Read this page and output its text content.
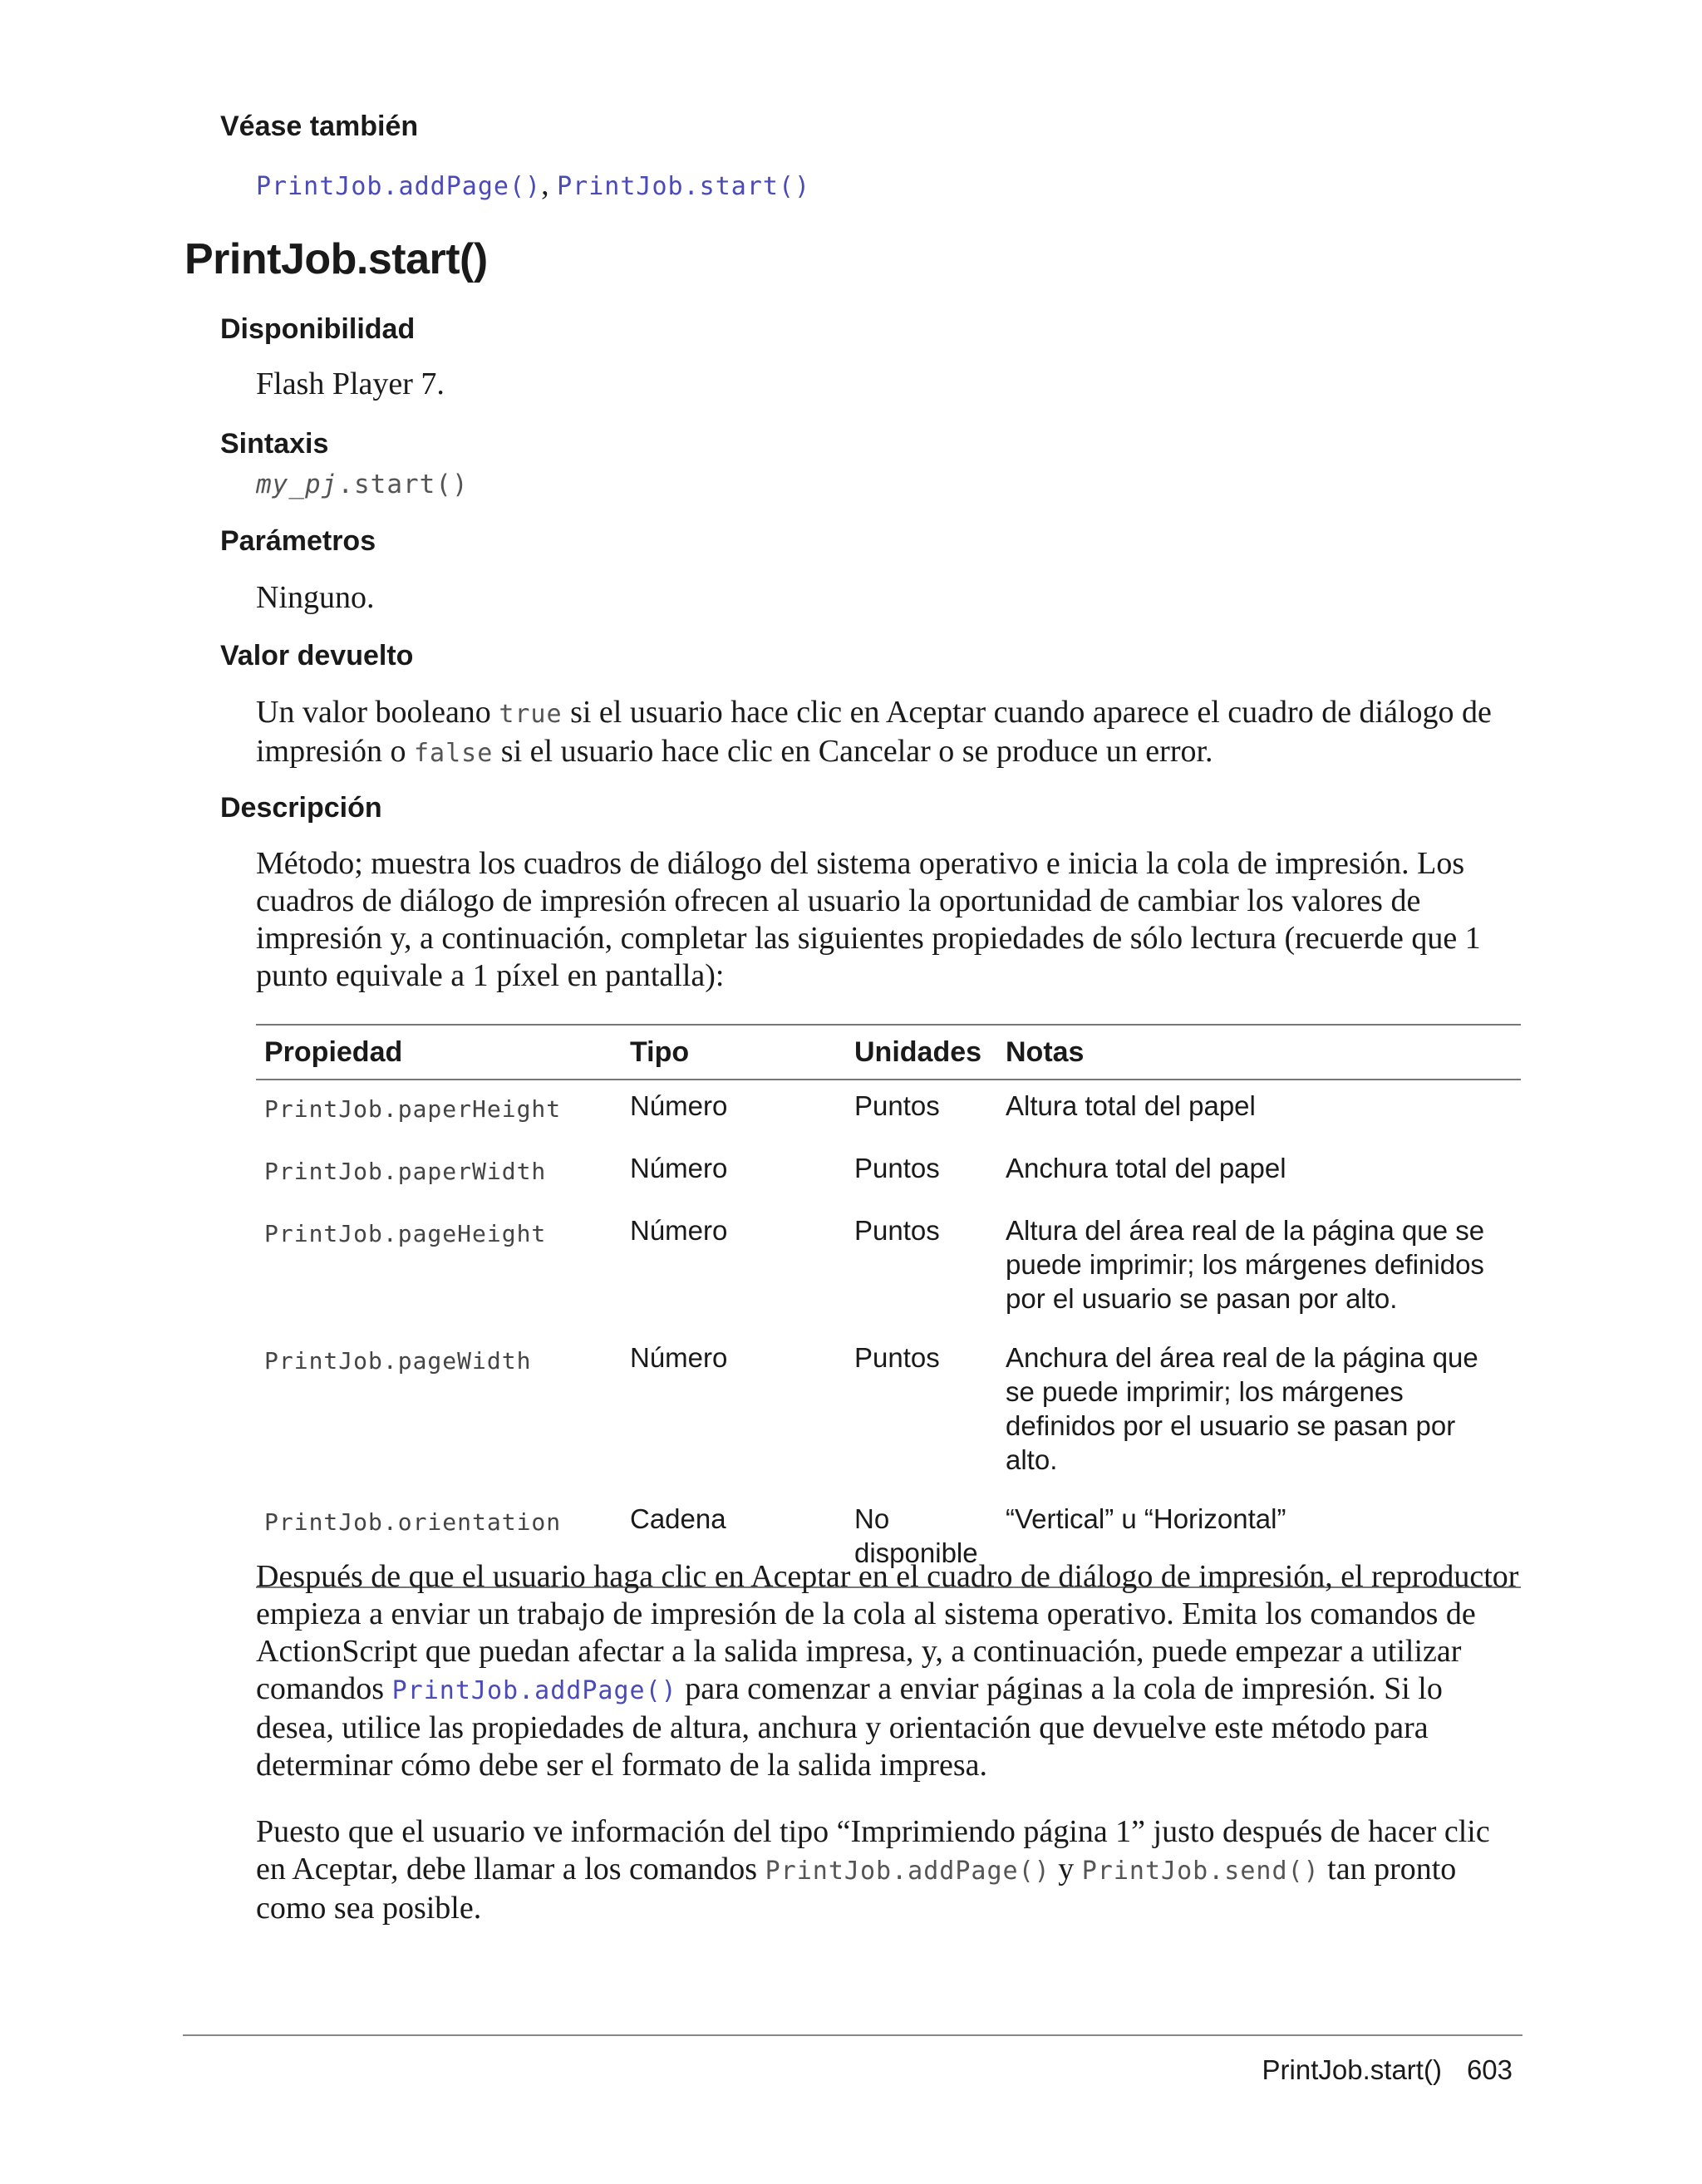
Véase también

PrintJob.addPage(), PrintJob.start()

PrintJob.start()
Disponibilidad

Flash Player 7.

Sintaxis
my_pj.start()
Parámetros

Ninguno.

Valor devuelto

Un valor booleano true si el usuario hace clic en Aceptar cuando aparece el cuadro de diálogo de impresión o false si el usuario hace clic en Cancelar o se produce un error.

Descripción

Método; muestra los cuadros de diálogo del sistema operativo e inicia la cola de impresión. Los cuadros de diálogo de impresión ofrecen al usuario la oportunidad de cambiar los valores de impresión y, a continuación, completar las siguientes propiedades de sólo lectura (recuerde que 1 punto equivale a 1 píxel en pantalla):

Propiedad	Tipo	Unidades	Notas
PrintJob.paperHeight	Número	Puntos	Altura total del papel
PrintJob.paperWidth	Número	Puntos	Anchura total del papel
PrintJob.pageHeight	Número	Puntos	Altura del área real de la página que se puede imprimir; los márgenes definidos por el usuario se pasan por alto.
PrintJob.pageWidth	Número	Puntos	Anchura del área real de la página que se puede imprimir; los márgenes definidos por el usuario se pasan por alto.
PrintJob.orientation	Cadena	No disponible	“Vertical” u “Horizontal”

Después de que el usuario haga clic en Aceptar en el cuadro de diálogo de impresión, el reproductor empieza a enviar un trabajo de impresión de la cola al sistema operativo. Emita los comandos de ActionScript que puedan afectar a la salida impresa, y, a continuación, puede empezar a utilizar comandos PrintJob.addPage() para comenzar a enviar páginas a la cola de impresión. Si lo desea, utilice las propiedades de altura, anchura y orientación que devuelve este método para determinar cómo debe ser el formato de la salida impresa.

Puesto que el usuario ve información del tipo “Imprimiendo página 1” justo después de hacer clic en Aceptar, debe llamar a los comandos PrintJob.addPage() y PrintJob.send() tan pronto como sea posible.

PrintJob.start() 603
